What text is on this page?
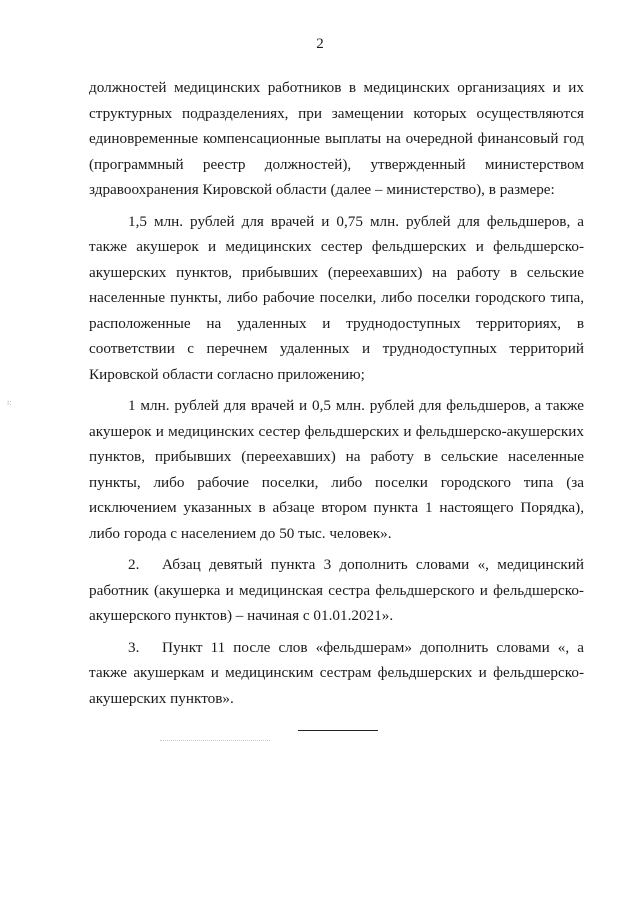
2

должностей медицинских работников в медицинских организациях и их структурных подразделениях, при замещении которых осуществляются единовременные компенсационные выплаты на очередной финансовый год (программный реестр должностей), утвержденный министерством здравоохранения Кировской области (далее – министерство), в размере:

1,5 млн. рублей для врачей и 0,75 млн. рублей для фельдшеров, а также акушерок и медицинских сестер фельдшерских и фельдшерско-акушерских пунктов, прибывших (переехавших) на работу в сельские населенные пункты, либо рабочие поселки, либо поселки городского типа, расположенные на удаленных и труднодоступных территориях, в соответствии с перечнем удаленных и труднодоступных территорий Кировской области согласно приложению;

1 млн. рублей для врачей и 0,5 млн. рублей для фельдшеров, а также акушерок и медицинских сестер фельдшерских и фельдшерско-акушерских пунктов, прибывших (переехавших) на работу в сельские населенные пункты, либо рабочие поселки, либо поселки городского типа (за исключением указанных в абзаце втором пункта 1 настоящего Порядка), либо города с населением до 50 тыс. человек».

2. Абзац девятый пункта 3 дополнить словами «, медицинский работник (акушерка и медицинская сестра фельдшерского и фельдшерско-акушерского пунктов) – начиная с 01.01.2021».

3. Пункт 11 после слов «фельдшерам» дополнить словами «, а также акушеркам и медицинским сестрам фельдшерских и фельдшерско-акушерских пунктов».

ı:
